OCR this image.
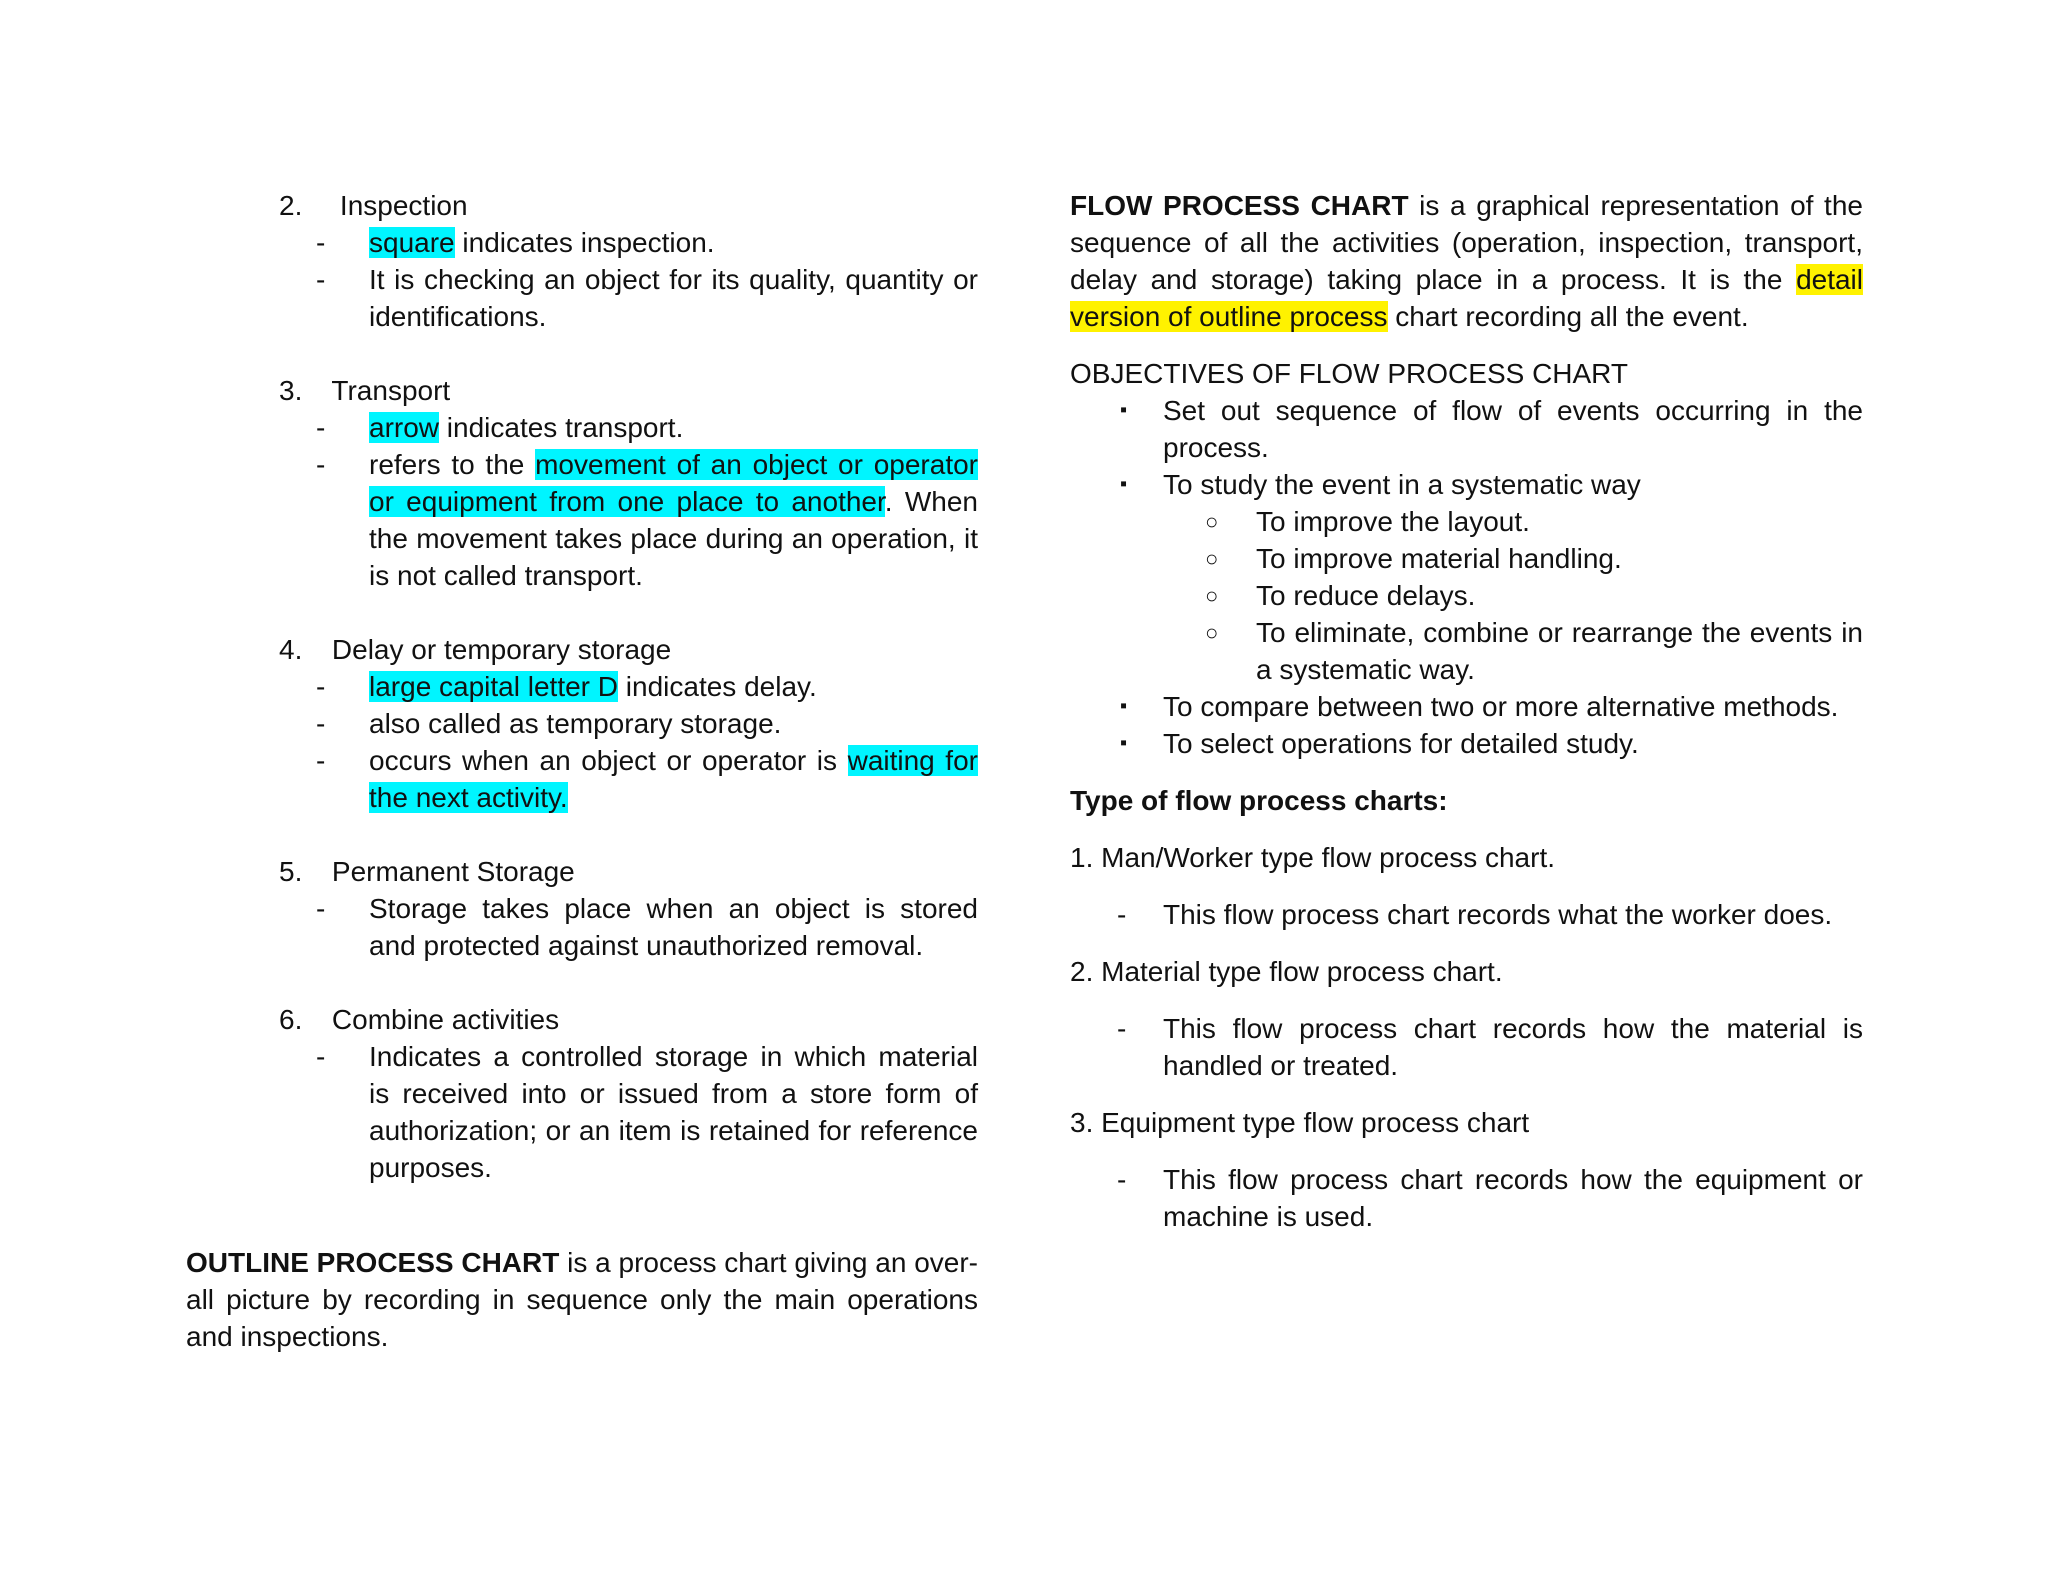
2. Inspection
- square indicates inspection.
- It is checking an object for its quality, quantity or identifications.
3. Transport
- arrow indicates transport.
- refers to the movement of an object or operator or equipment from one place to another. When the movement takes place during an operation, it is not called transport.
4. Delay or temporary storage
- large capital letter D indicates delay.
- also called as temporary storage.
- occurs when an object or operator is waiting for the next activity.
5. Permanent Storage
- Storage takes place when an object is stored and protected against unauthorized removal.
6. Combine activities
- Indicates a controlled storage in which material is received into or issued from a store form of authorization; or an item is retained for reference purposes.

OUTLINE PROCESS CHART is a process chart giving an over-all picture by recording in sequence only the main operations and inspections.

FLOW PROCESS CHART is a graphical representation of the sequence of all the activities (operation, inspection, transport, delay and storage) taking place in a process. It is the detail version of outline process chart recording all the event.

OBJECTIVES OF FLOW PROCESS CHART

▪ Set out sequence of flow of events occurring in the process.
▪ To study the event in a systematic way
○ To improve the layout.
○ To improve material handling.
○ To reduce delays.
○ To eliminate, combine or rearrange the events in a systematic way.
▪ To compare between two or more alternative methods.
▪ To select operations for detailed study.

Type of flow process charts:

1. Man/Worker type flow process chart.

- This flow process chart records what the worker does.

2. Material type flow process chart.

- This flow process chart records how the material is handled or treated.

3. Equipment type flow process chart

- This flow process chart records how the equipment or machine is used.
